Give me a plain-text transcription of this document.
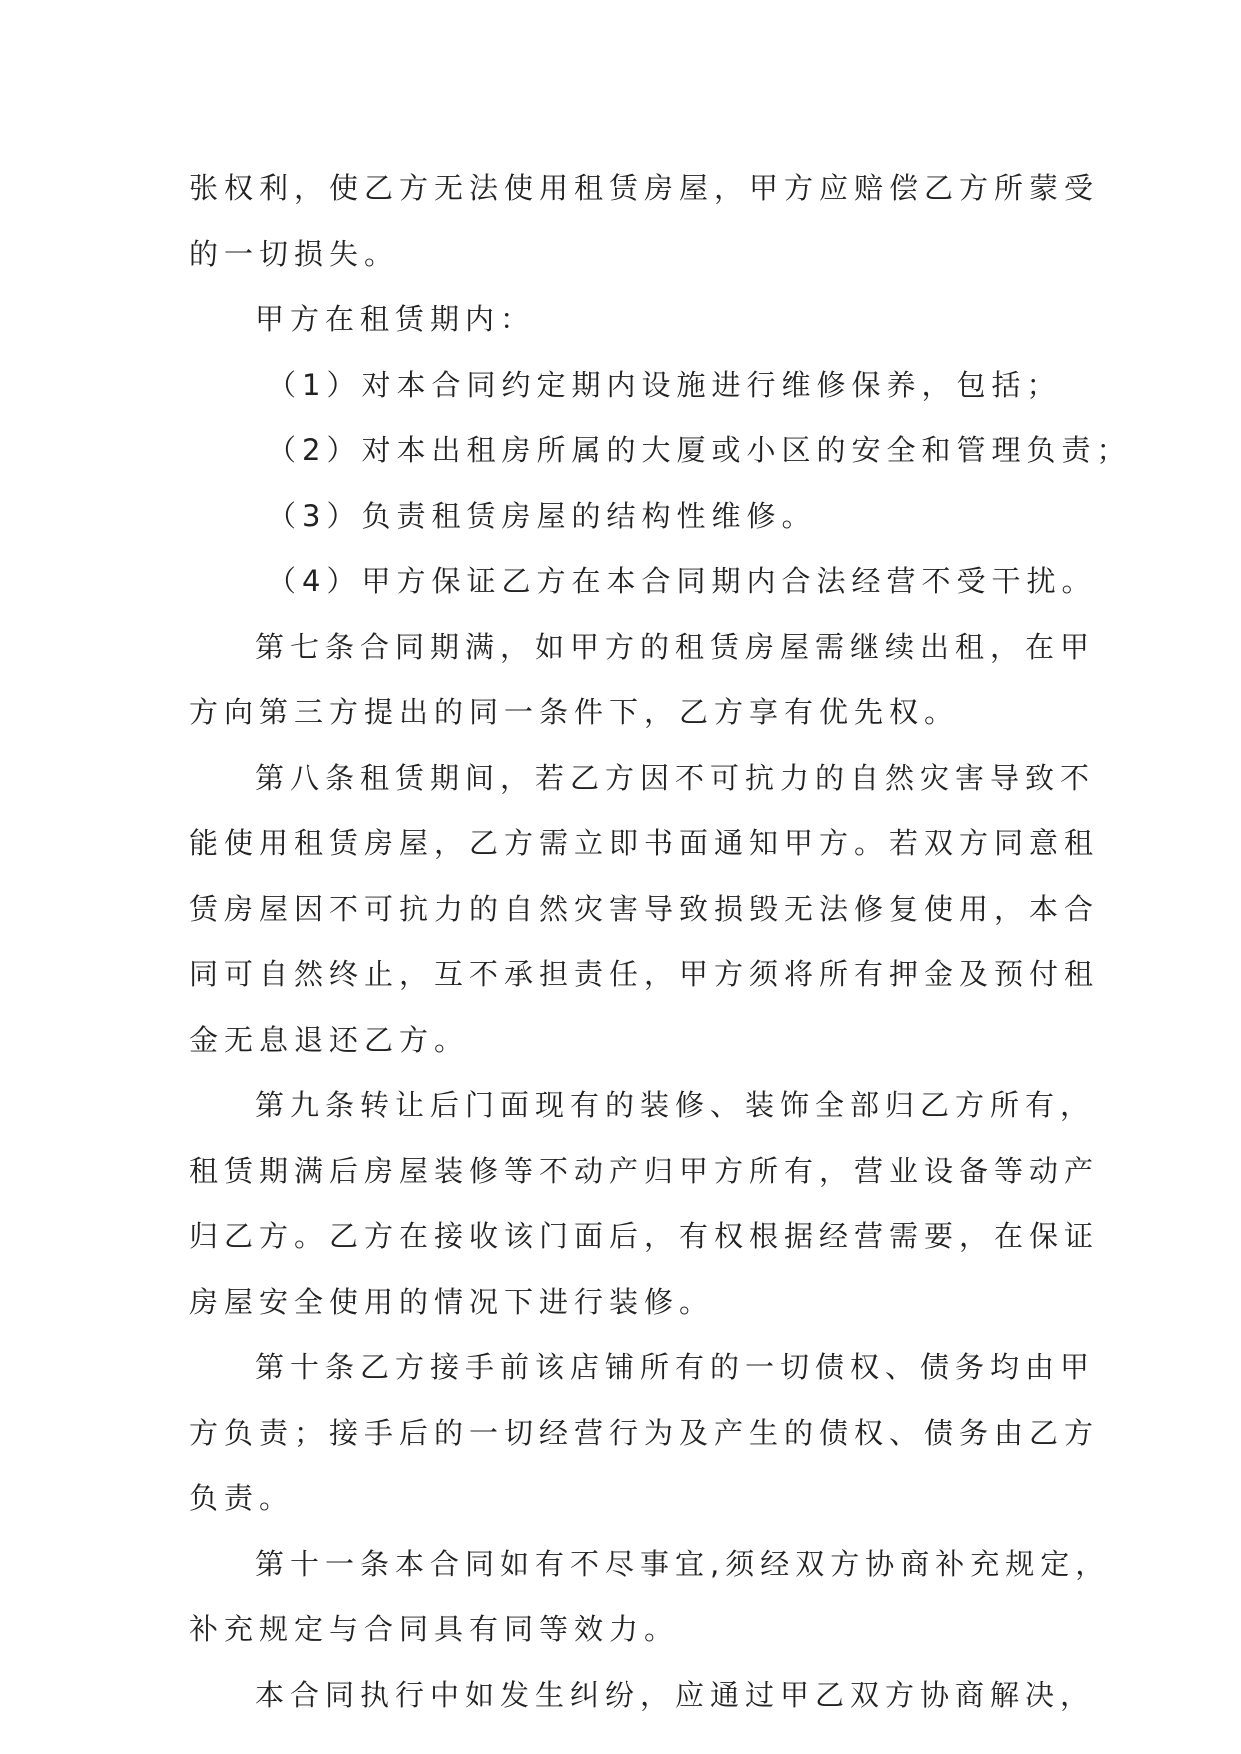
张权利，使乙方无法使用租赁房屋，甲方应赔偿乙方所蒙受
的一切损失。
甲方在租赁期内：
（1）对本合同约定期内设施进行维修保养，包括；
（2）对本出租房所属的大厦或小区的安全和管理负责；
（3）负责租赁房屋的结构性维修。
（4）甲方保证乙方在本合同期内合法经营不受干扰。
第七条合同期满，如甲方的租赁房屋需继续出租，在甲
方向第三方提出的同一条件下，乙方享有优先权。
第八条租赁期间，若乙方因不可抗力的自然灾害导致不
能使用租赁房屋，乙方需立即书面通知甲方。若双方同意租
赁房屋因不可抗力的自然灾害导致损毁无法修复使用，本合
同可自然终止，互不承担责任，甲方须将所有押金及预付租
金无息退还乙方。
第九条转让后门面现有的装修、装饰全部归乙方所有，
租赁期满后房屋装修等不动产归甲方所有，营业设备等动产
归乙方。乙方在接收该门面后，有权根据经营需要，在保证
房屋安全使用的情况下进行装修。
第十条乙方接手前该店铺所有的一切债权、债务均由甲
方负责；接手后的一切经营行为及产生的债权、债务由乙方
负责。
第十一条本合同如有不尽事宜,须经双方协商补充规定，
补充规定与合同具有同等效力。
本合同执行中如发生纠纷，应通过甲乙双方协商解决，
